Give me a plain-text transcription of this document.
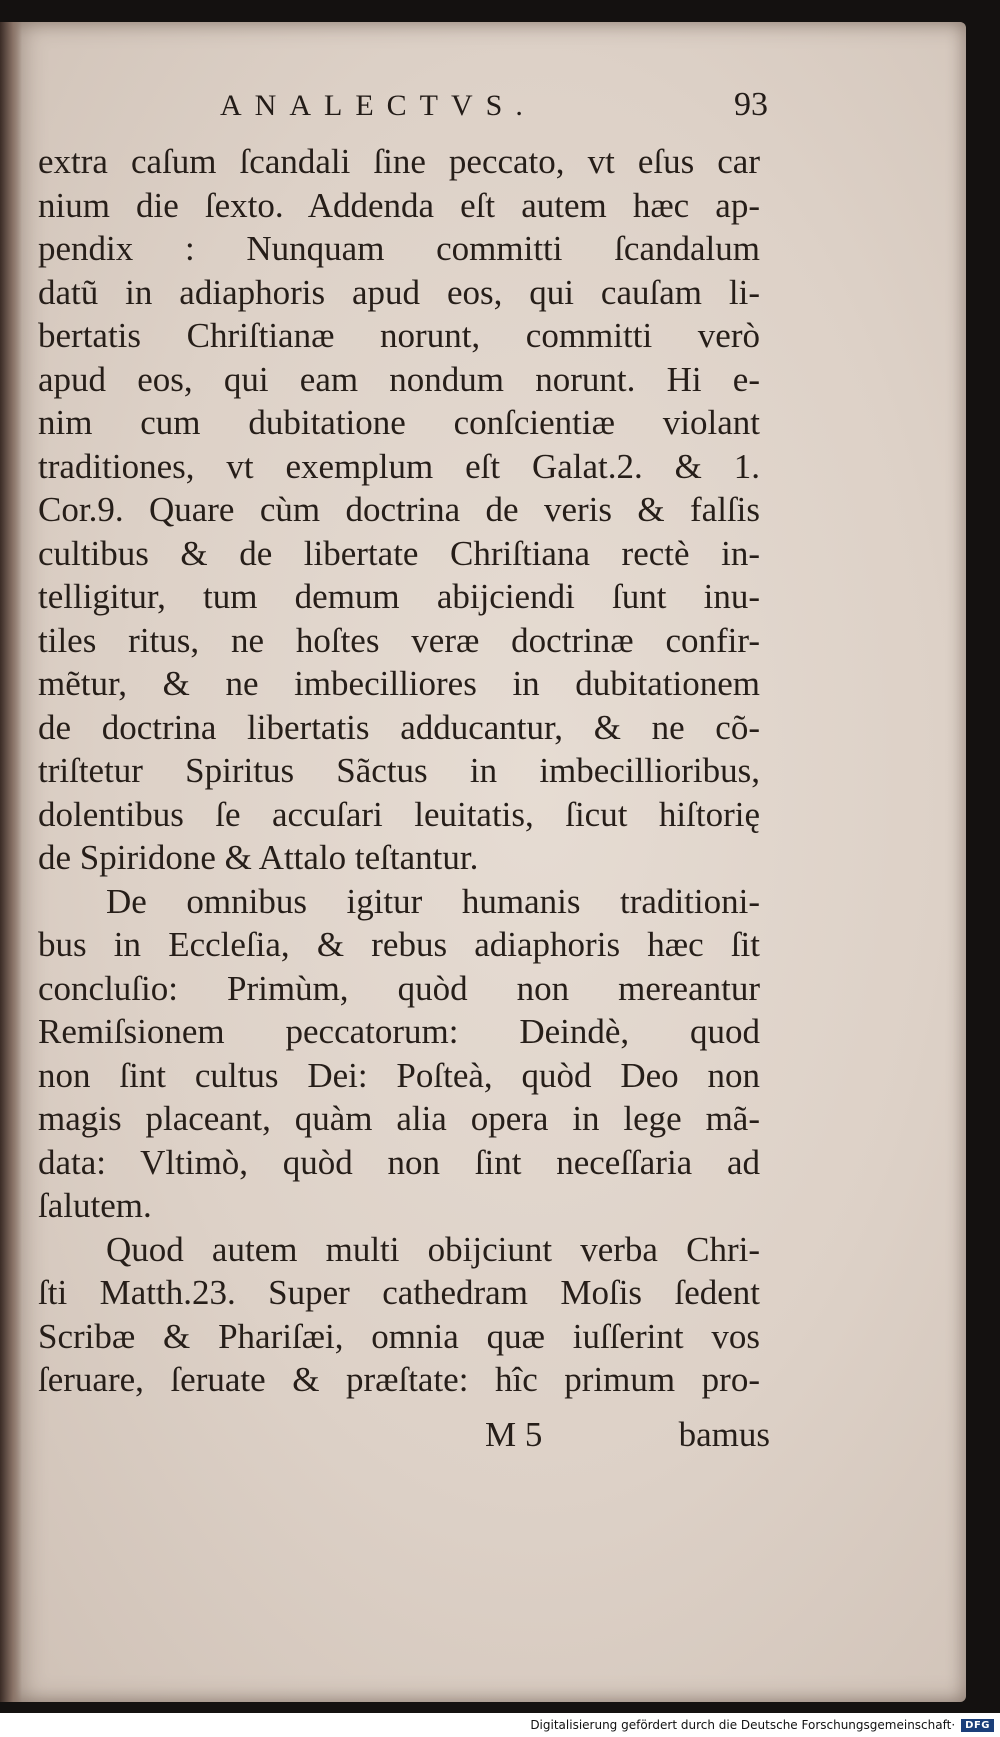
ANALECTVS.	93
extra caſum ſcandali ſine peccato, vt eſus car
nium die ſexto. Addenda eſt autem hæc ap-
pendix : Nunquam committi ſcandalum
datũ in adiaphoris apud eos, qui cauſam li-
bertatis Chriſtianæ norunt, committi verò
apud eos, qui eam nondum norunt. Hi e-
nim cum dubitatione conſcientiæ violant
traditiones, vt exemplum eſt Galat.2. & 1.
Cor.9. Quare cùm doctrina de veris & falſis
cultibus & de libertate Chriſtiana rectè in-
telligitur, tum demum abijciendi ſunt inu-
tiles ritus, ne hoſtes veræ doctrinæ confir-
mẽtur, & ne imbecilliores in dubitationem
de doctrina libertatis adducantur, & ne cõ-
triſtetur Spiritus Sãctus in imbecillioribus,
dolentibus ſe accuſari leuitatis, ſicut hiſtorię
de Spiridone & Attalo teſtantur.
De omnibus igitur humanis traditioni-
bus in Eccleſia, & rebus adiaphoris hæc ſit
concluſio: Primùm, quòd non mereantur
Remiſsionem peccatorum: Deindè, quod
non ſint cultus Dei: Poſteà, quòd Deo non
magis placeant, quàm alia opera in lege mã-
data: Vltimò, quòd non ſint neceſſaria ad
ſalutem.
Quod autem multi obijciunt verba Chri-
ſti Matth.23. Super cathedram Moſis ſedent
Scribæ & Phariſæi, omnia quæ iuſſerint vos
ſeruare, ſeruate & præſtate: hîc primum pro-
M 5	bamus
Digitalisierung gefördert durch die Deutsche Forschungsgemeinschaft ·	DFG
